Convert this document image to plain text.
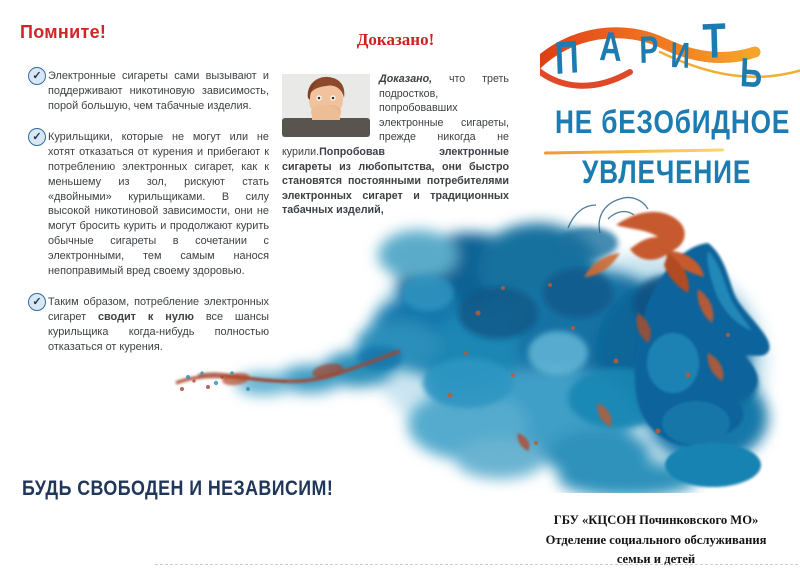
Помните!
✓ Электронные сигареты сами вызывают и поддерживают никотиновую зависимость, порой большую, чем табачные изделия.

✓ Курильщики, которые не могут или не хотят отказаться от курения и прибегают к потреблению электронных сигарет, как к меньшему из зол, рискуют стать «двойными» курильщиками. В силу высокой никотиновой зависимости, они не могут бросить курить и продолжают курить обычные сигареты в сочетании с электронными, тем самым нанося непоправимый вред своему здоровью.

✓ Таким образом, потребление электронных сигарет сводит к нулю все шансы курильщика когда-нибудь полностью отказаться от курения.

Доказано!

Доказано, что треть подростков, попробовавших электронные сигареты, прежде никогда не курили.Попробовав электронные сигареты из любопытства, они быстро становятся постоянными потребителями электронных сигарет и традиционных табачных изделий,

П А Р И Т
Ь
НЕ бЕЗОбИДНОЕ
УВЛЕЧЕНИЕ
БУДЬ СВОБОДЕН И НЕЗАВИСИМ!
ГБУ «КЦСОН Починковского МО»
Отделение социального обслуживания
семьи и детей
